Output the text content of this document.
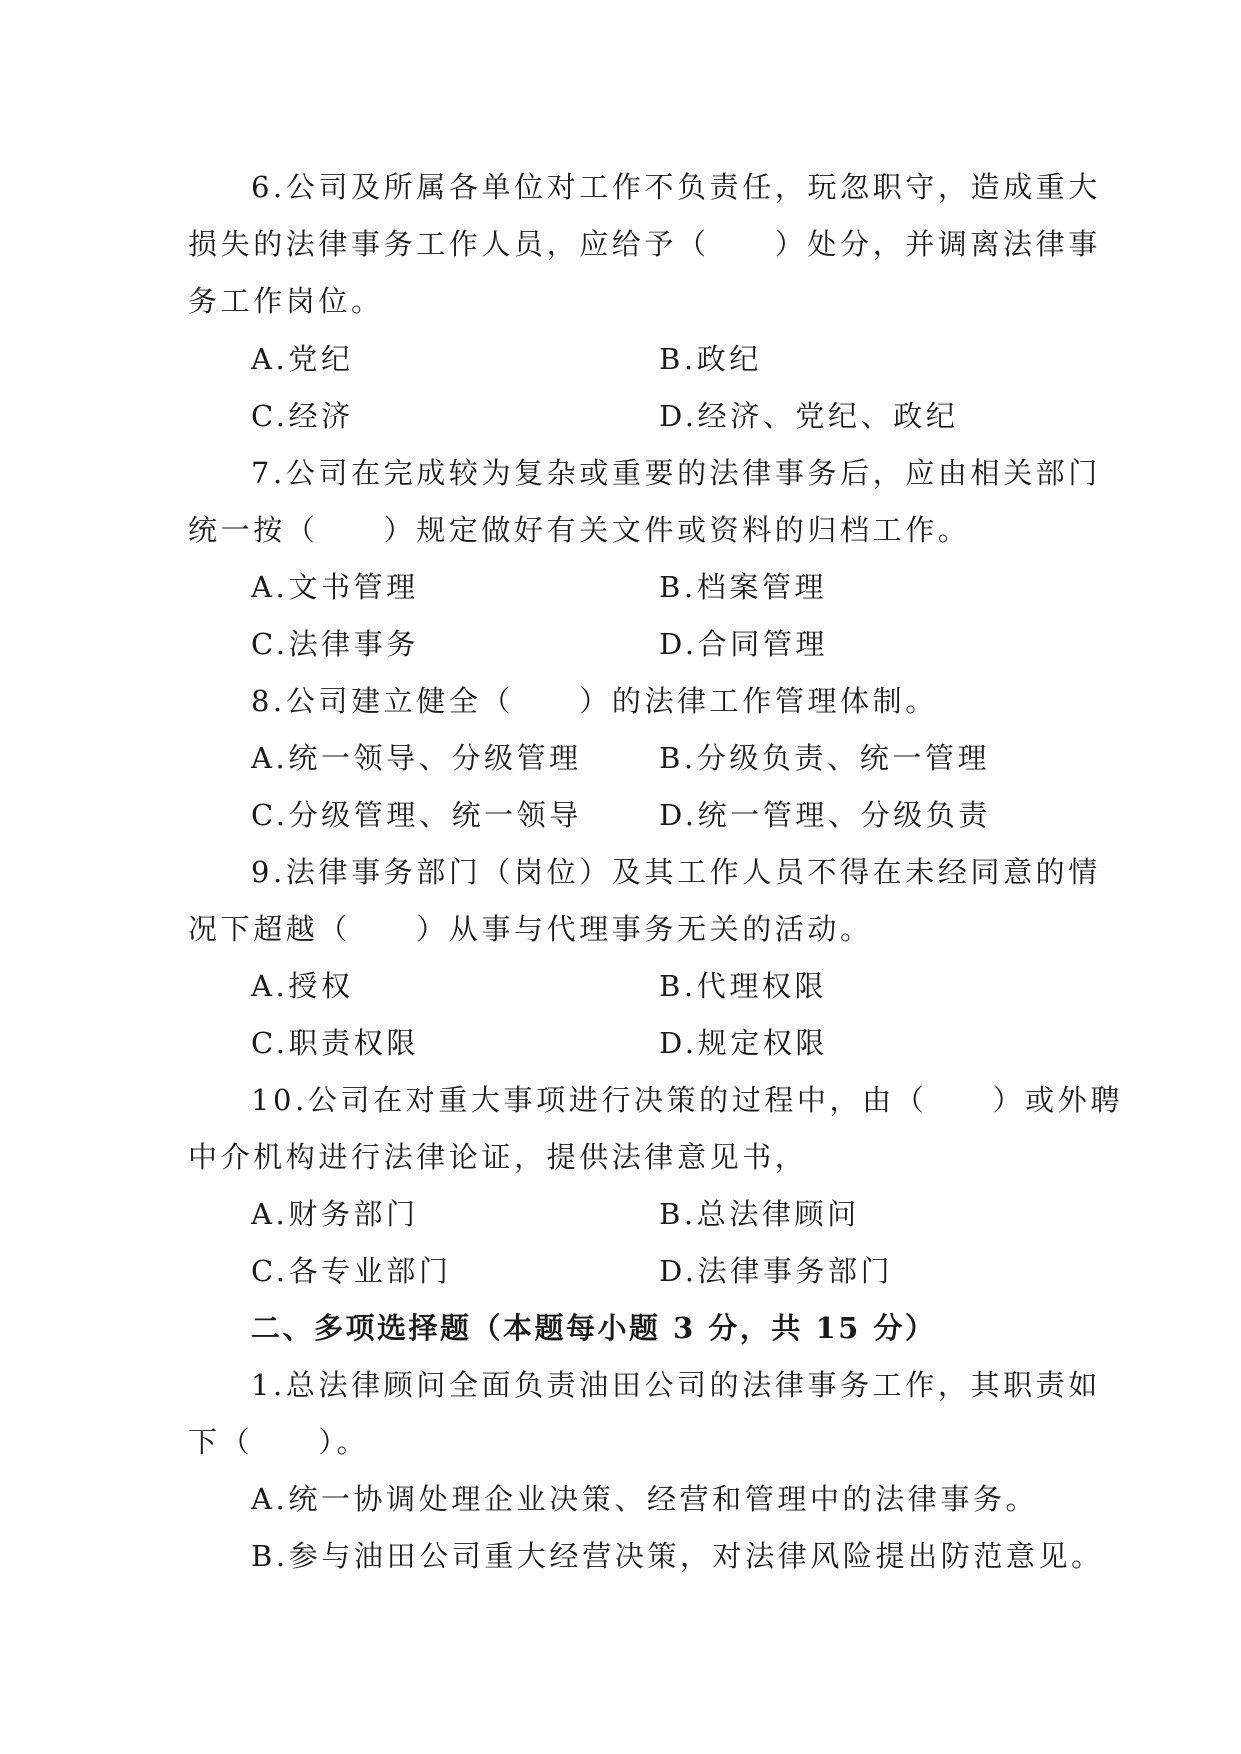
6.公司及所属各单位对工作不负责任，玩忽职守，造成重大
损失的法律事务工作人员，应给予（　　）处分，并调离法律事
务工作岗位。
A.党纪	B.政纪
C.经济	D.经济、党纪、政纪
7.公司在完成较为复杂或重要的法律事务后，应由相关部门
统一按（　　）规定做好有关文件或资料的归档工作。
A.文书管理	B.档案管理
C.法律事务	D.合同管理
8.公司建立健全（　　）的法律工作管理体制。
A.统一领导、分级管理	B.分级负责、统一管理
C.分级管理、统一领导	D.统一管理、分级负责
9.法律事务部门（岗位）及其工作人员不得在未经同意的情
况下超越（　　）从事与代理事务无关的活动。
A.授权	B.代理权限
C.职责权限	D.规定权限
10.公司在对重大事项进行决策的过程中，由（　　）或外聘
中介机构进行法律论证，提供法律意见书，
A.财务部门	B.总法律顾问
C.各专业部门	D.法律事务部门
二、多项选择题（本题每小题 3 分，共 15 分）
1.总法律顾问全面负责油田公司的法律事务工作，其职责如
下（　　）。
A.统一协调处理企业决策、经营和管理中的法律事务。
B.参与油田公司重大经营决策，对法律风险提出防范意见。
